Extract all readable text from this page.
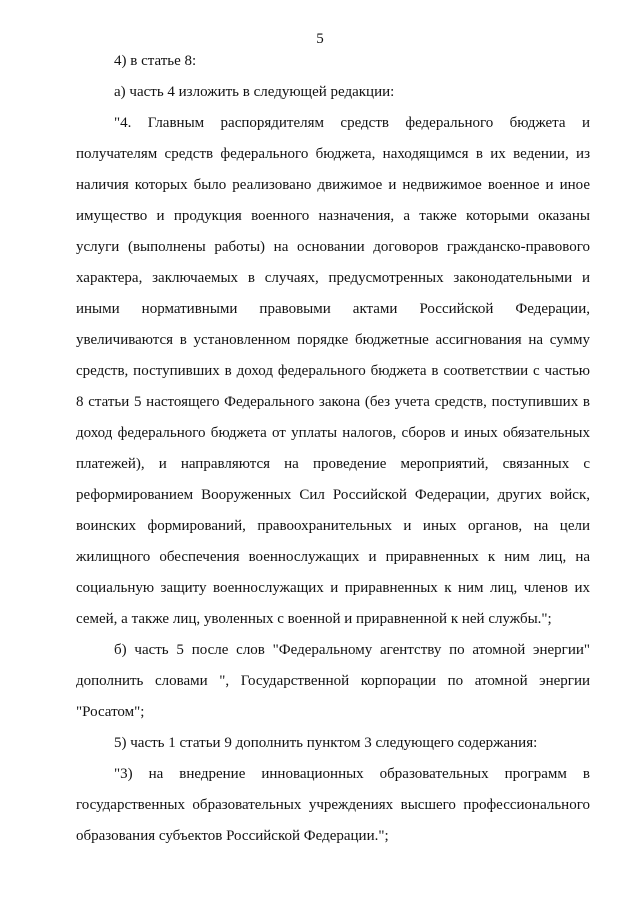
5

4) в статье 8:

а) часть 4 изложить в следующей редакции:

"4. Главным распорядителям средств федерального бюджета и получателям средств федерального бюджета, находящимся в их ведении, из наличия которых было реализовано движимое и недвижимое военное и иное имущество и продукция военного назначения, а также которыми оказаны услуги (выполнены работы) на основании договоров гражданско-правового характера, заключаемых в случаях, предусмотренных законодательными и иными нормативными правовыми актами Российской Федерации, увеличиваются в установленном порядке бюджетные ассигнования на сумму средств, поступивших в доход федерального бюджета в соответствии с частью 8 статьи 5 настоящего Федерального закона (без учета средств, поступивших в доход федерального бюджета от уплаты налогов, сборов и иных обязательных платежей), и направляются на проведение мероприятий, связанных с реформированием Вооруженных Сил Российской Федерации, других войск, воинских формирований, правоохранительных и иных органов, на цели жилищного обеспечения военнослужащих и приравненных к ним лиц, на социальную защиту военнослужащих и приравненных к ним лиц, членов их семей, а также лиц, уволенных с военной и приравненной к ней службы.";

б) часть 5 после слов "Федеральному агентству по атомной энергии" дополнить словами ", Государственной корпорации по атомной энергии "Росатом";

5) часть 1 статьи 9 дополнить пунктом 3 следующего содержания:

"3) на внедрение инновационных образовательных программ в государственных образовательных учреждениях высшего профессионального образования субъектов Российской Федерации.";
